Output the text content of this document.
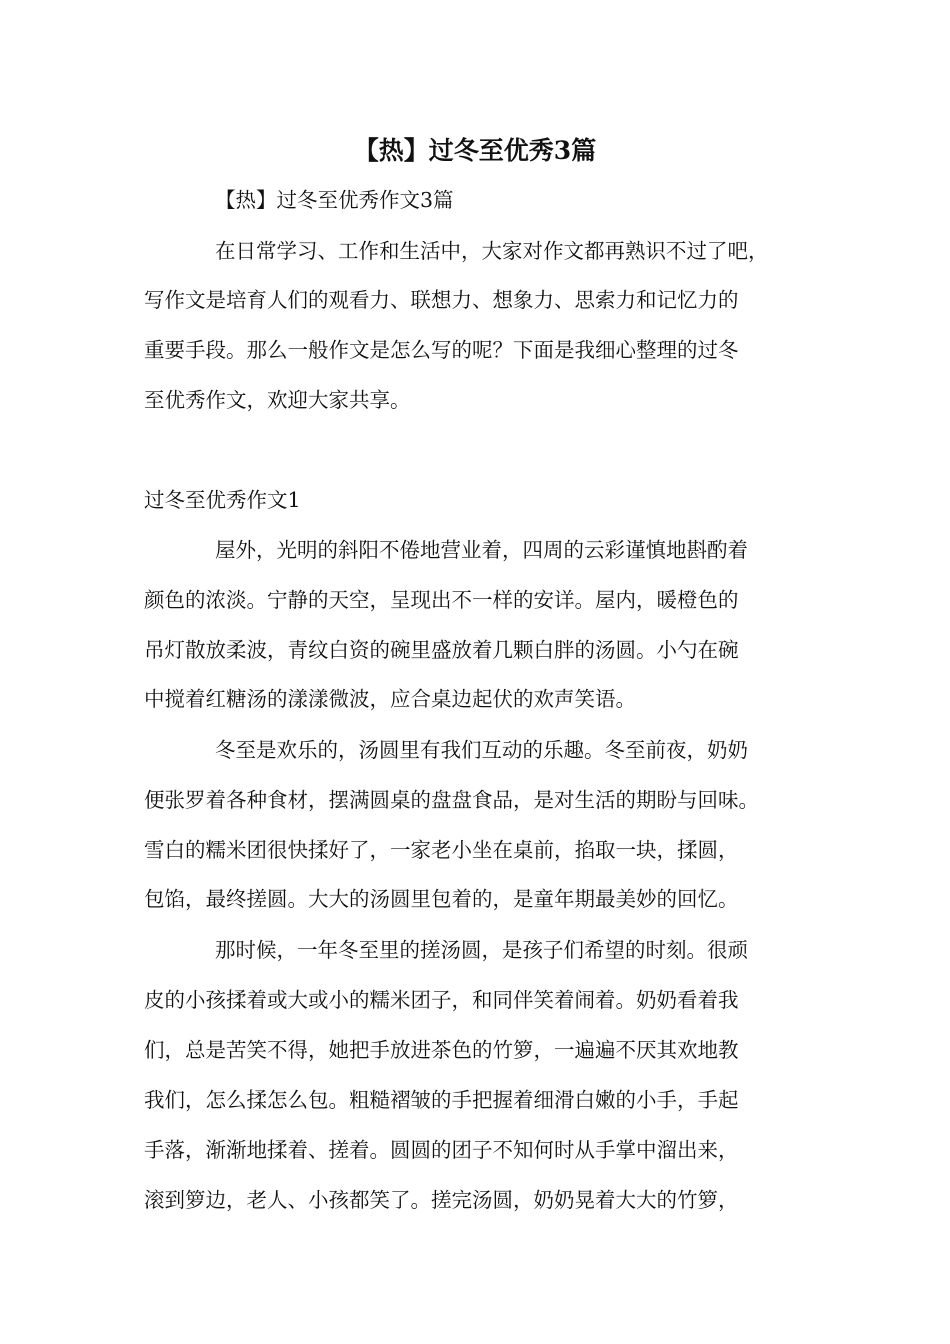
【热】过冬至优秀3篇
【热】过冬至优秀作文3篇
在日常学习、工作和生活中，大家对作文都再熟识不过了吧，
写作文是培育人们的观看力、联想力、想象力、思索力和记忆力的
重要手段。那么一般作文是怎么写的呢？下面是我细心整理的过冬
至优秀作文，欢迎大家共享。
过冬至优秀作文1
屋外，光明的斜阳不倦地营业着，四周的云彩谨慎地斟酌着
颜色的浓淡。宁静的天空，呈现出不一样的安详。屋内，暖橙色的
吊灯散放柔波，青纹白资的碗里盛放着几颗白胖的汤圆。小勺在碗
中搅着红糖汤的漾漾微波，应合桌边起伏的欢声笑语。
冬至是欢乐的，汤圆里有我们互动的乐趣。冬至前夜，奶奶
便张罗着各种食材，摆满圆桌的盘盘食品，是对生活的期盼与回味。
雪白的糯米团很快揉好了，一家老小坐在桌前，掐取一块，揉圆，
包馅，最终搓圆。大大的汤圆里包着的，是童年期最美妙的回忆。
那时候，一年冬至里的搓汤圆，是孩子们希望的时刻。很顽
皮的小孩揉着或大或小的糯米团子，和同伴笑着闹着。奶奶看着我
们，总是苦笑不得，她把手放进茶色的竹箩，一遍遍不厌其欢地教
我们，怎么揉怎么包。粗糙褶皱的手把握着细滑白嫩的小手，手起
手落，渐渐地揉着、搓着。圆圆的团子不知何时从手掌中溜出来，
滚到箩边，老人、小孩都笑了。搓完汤圆，奶奶晃着大大的竹箩，
